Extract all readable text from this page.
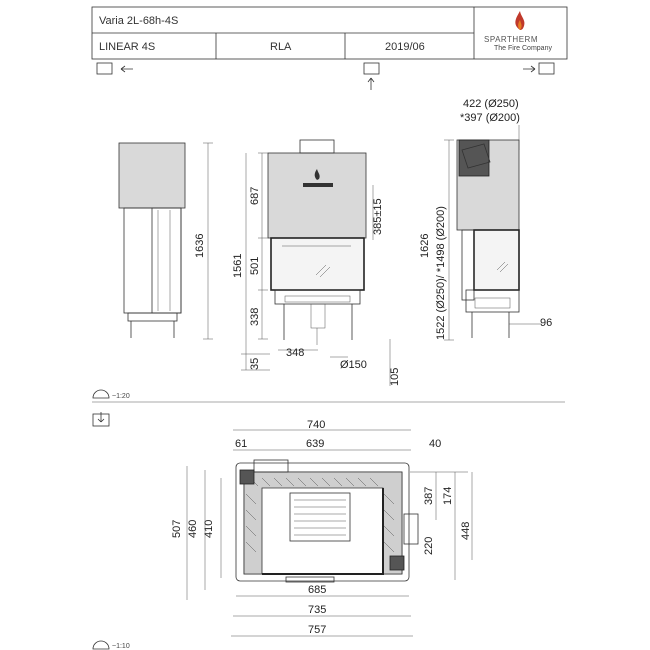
Varia 2L-68h-4S
LINEAR 4S	RLA	2019/06
SPARTHERM
The Fire Company
1636
1561
687
501
338
35
385±15
105
348
Ø150
422 (Ø250)
*397 (Ø200)
1626 1522 (Ø250)/ *1498 (Ø200)	96
~1:20
740
61	639	40
507 460 410
387 174
220
448
685
735
757
~1:10
